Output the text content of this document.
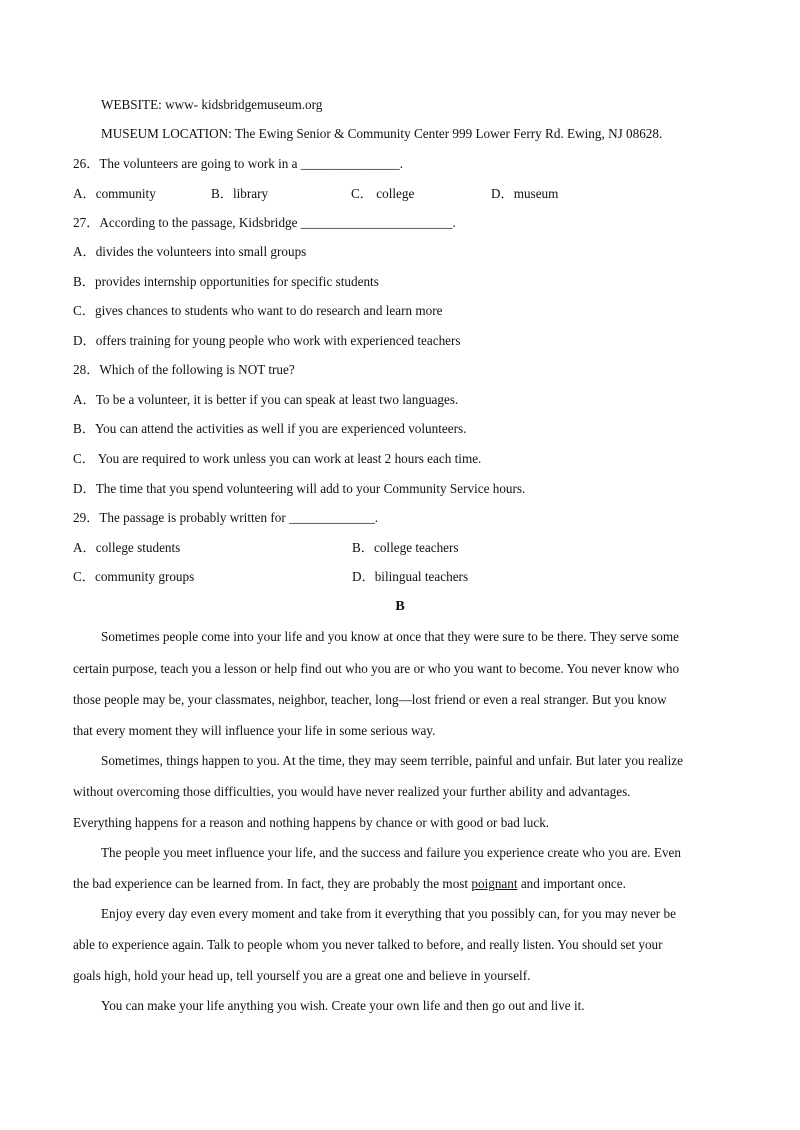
WEBSITE: www- kidsbridgemuseum.org
MUSEUM LOCATION: The Ewing Senior & Community Center 999 Lower Ferry Rd. Ewing, NJ 08628.
26．The volunteers are going to work in a _______________.
A．community	B．library	C． college	D．museum
27．According to the passage, Kidsbridge _______________________.
A．divides the volunteers into small groups
B．provides internship opportunities for specific students
C．gives chances to students who want to do research and learn more
D．offers training for young people who work with experienced teachers
28．Which of the following is NOT true?
A．To be a volunteer, it is better if you can speak at least two languages.
B．You can attend the activities as well if you are experienced volunteers.
C． You are required to work unless you can work at least 2 hours each time.
D．The time that you spend volunteering will add to your Community Service hours.
29．The passage is probably written for _____________.
A．college students	B．college teachers
C．community groups	D．bilingual teachers
B
Sometimes people come into your life and you know at once that they were sure to be there. They serve some
certain purpose, teach you a lesson or help find out who you are or who you want to become. You never know who
those people may be, your classmates, neighbor, teacher, long—lost friend or even a real stranger. But you know
that every moment they will influence your life in some serious way.
Sometimes, things happen to you. At the time, they may seem terrible, painful and unfair. But later you realize
without overcoming those difficulties, you would have never realized your further ability and advantages.
Everything happens for a reason and nothing happens by chance or with good or bad luck.
The people you meet influence your life, and the success and failure you experience create who you are. Even
the bad experience can be learned from. In fact, they are probably the most poignant and important once.
Enjoy every day even every moment and take from it everything that you possibly can, for you may never be
able to experience again. Talk to people whom you never talked to before, and really listen. You should set your
goals high, hold your head up, tell yourself you are a great one and believe in yourself.
You can make your life anything you wish. Create your own life and then go out and live it.
